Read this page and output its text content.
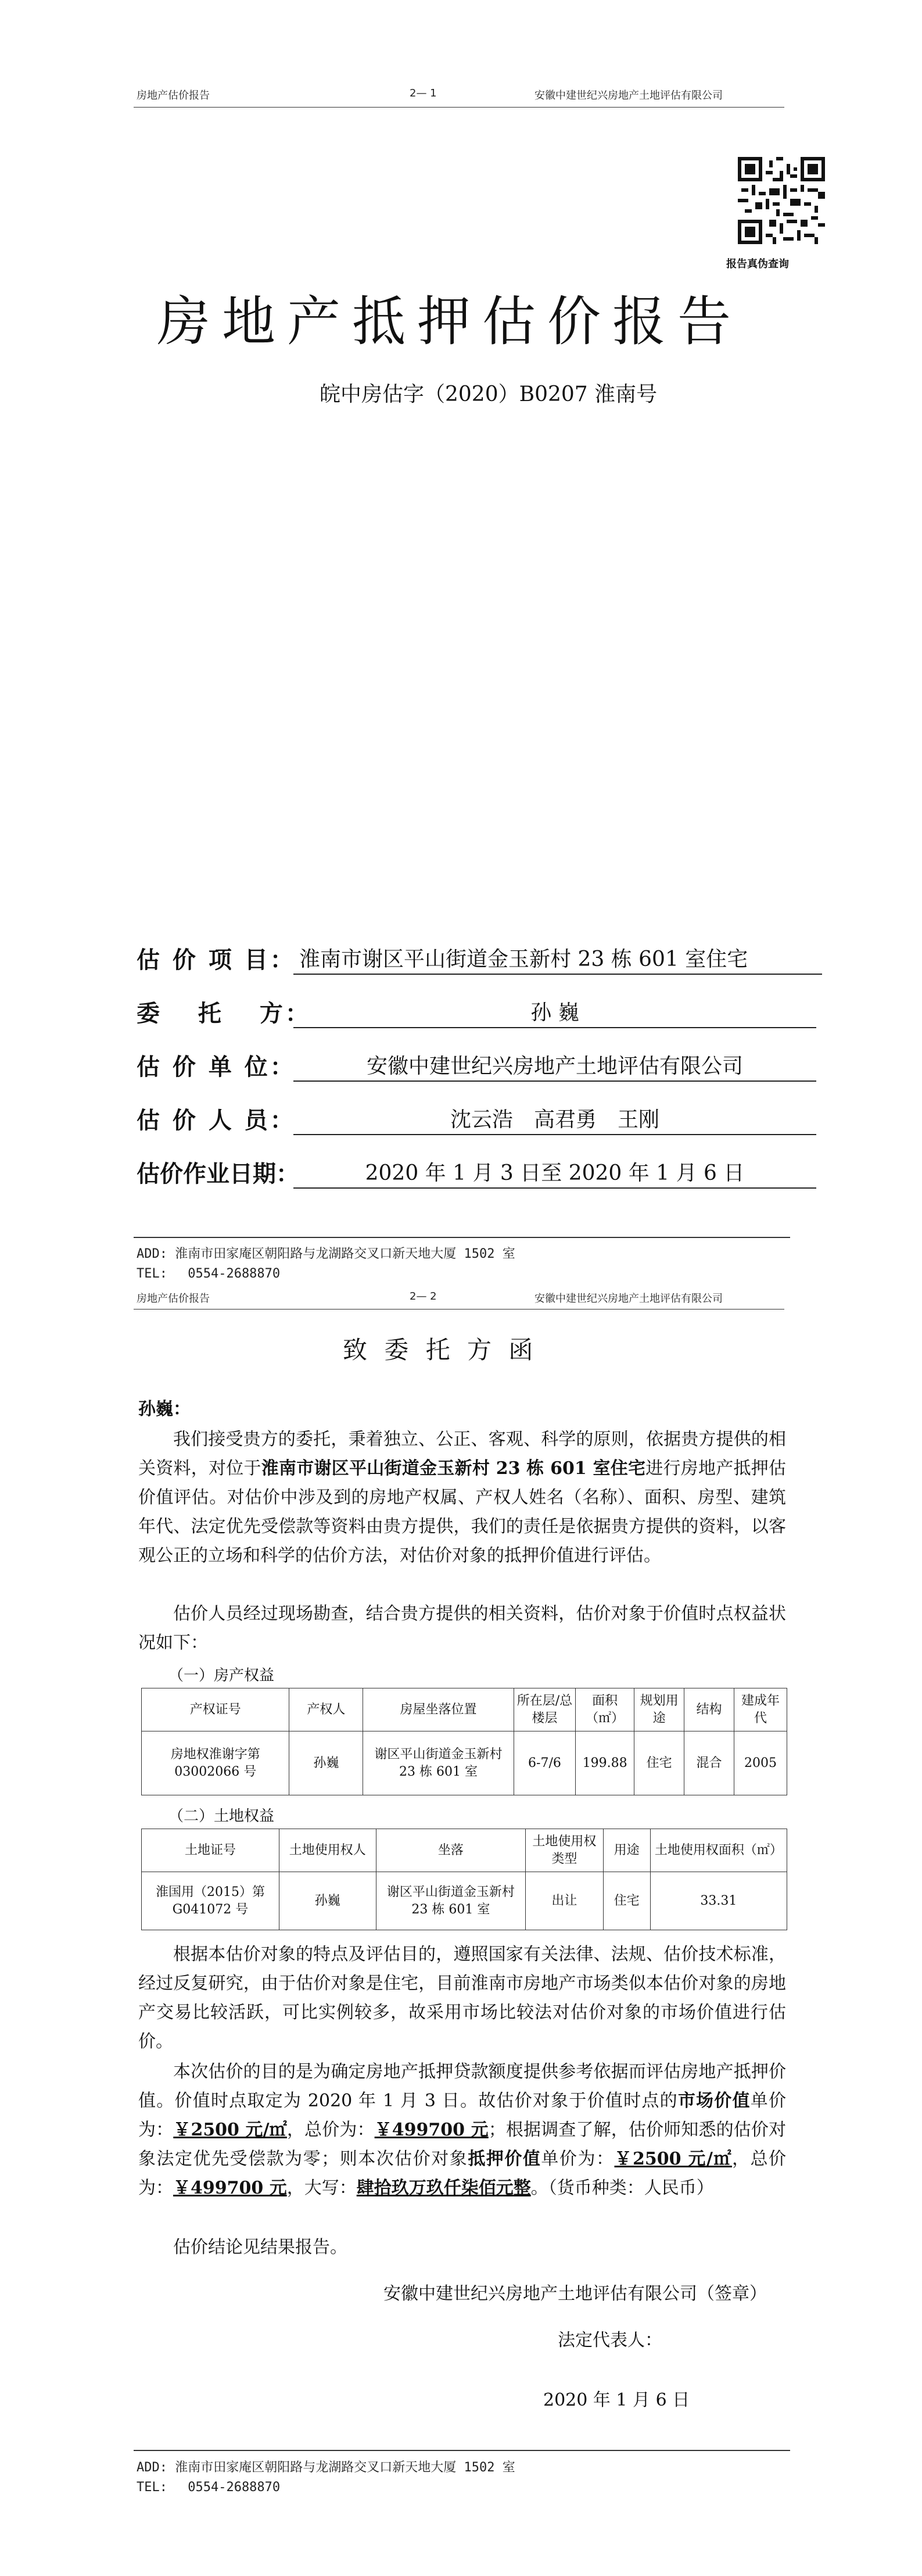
房地产估价报告	2— 1	安徽中建世纪兴房地产土地评估有限公司
报告真伪查询
房地产抵押估价报告
皖中房估字（2020）B0207 淮南号
估 价 项 目： 淮南市谢区平山街道金玉新村 23 栋 601 室住宅
委　 托　 方：	孙 巍
估 价 单 位：	安徽中建世纪兴房地产土地评估有限公司
估 价 人 员：	沈云浩　高君勇　王刚
估价作业日期：	2020 年 1 月 3 日至 2020 年 1 月 6 日
ADD: 淮南市田家庵区朝阳路与龙湖路交叉口新天地大厦 1502 室
TEL:　 0554-2688870
房地产估价报告	2— 2	安徽中建世纪兴房地产土地评估有限公司
致 委 托 方 函
孙巍：
我们接受贵方的委托，秉着独立、公正、客观、科学的原则，依据贵方提供的相关资料，对位于淮南市谢区平山街道金玉新村 23 栋 601 室住宅进行房地产抵押估价值评估。对估价中涉及到的房地产权属、产权人姓名（名称）、面积、房型、建筑年代、法定优先受偿款等资料由贵方提供，我们的责任是依据贵方提供的资料，以客观公正的立场和科学的估价方法，对估价对象的抵押价值进行评估。
估价人员经过现场勘查，结合贵方提供的相关资料，估价对象于价值时点权益状况如下：
（一）房产权益
产权证号	产权人	房屋坐落位置	所在层/总楼层	面积（㎡）	规划用途	结构	建成年代
房地权淮谢字第 03002066 号	孙巍	谢区平山街道金玉新村 23 栋 601 室	6-7/6	199.88	住宅	混合	2005
（二）土地权益
土地证号	土地使用权人	坐落	土地使用权类型	用途	土地使用权面积（㎡）
淮国用（2015）第 G041072 号	孙巍	谢区平山街道金玉新村 23 栋 601 室	出让	住宅	33.31
根据本估价对象的特点及评估目的，遵照国家有关法律、法规、估价技术标准，经过反复研究，由于估价对象是住宅，目前淮南市房地产市场类似本估价对象的房地产交易比较活跃，可比实例较多，故采用市场比较法对估价对象的市场价值进行估价。
本次估价的目的是为确定房地产抵押贷款额度提供参考依据而评估房地产抵押价值。价值时点取定为 2020 年 1 月 3 日。故估价对象于价值时点的市场价值单价为：￥2500 元/㎡，总价为：￥499700 元；根据调查了解，估价师知悉的估价对象法定优先受偿款为零；则本次估价对象抵押价值单价为：￥2500 元/㎡，总价为：￥499700 元，大写：肆拾玖万玖仟柒佰元整。（货币种类：人民币）
估价结论见结果报告。
安徽中建世纪兴房地产土地评估有限公司（签章）
法定代表人：
2020 年 1 月 6 日
ADD: 淮南市田家庵区朝阳路与龙湖路交叉口新天地大厦 1502 室
TEL:　 0554-2688870
